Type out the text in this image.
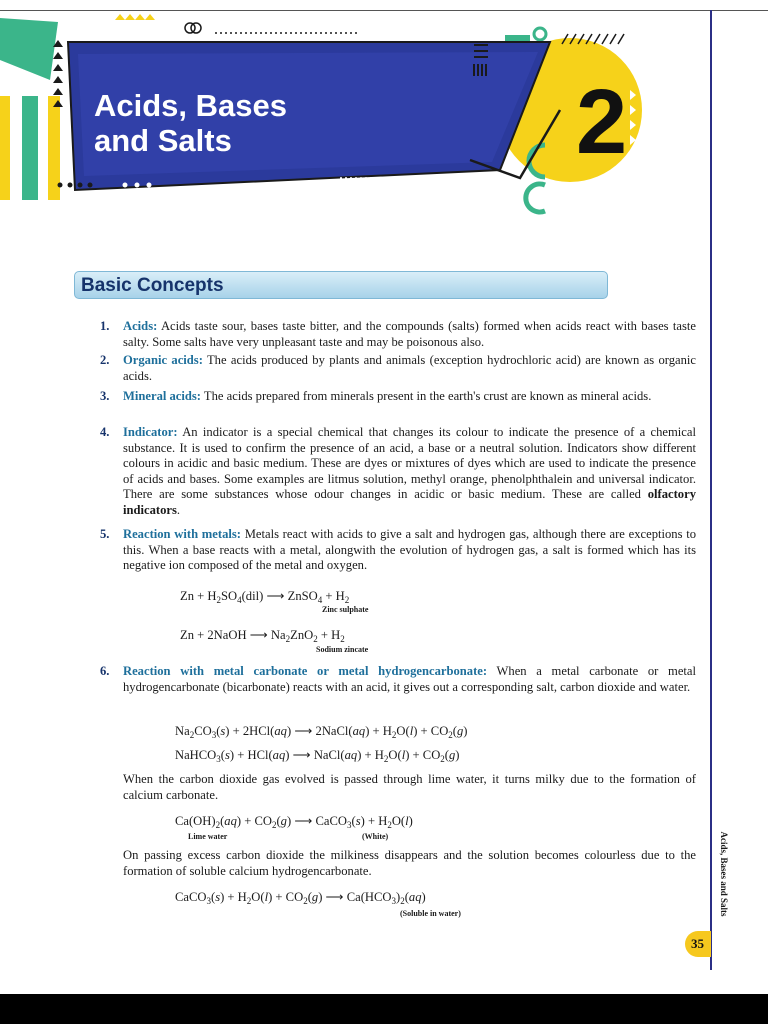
Acids, Bases
and Salts	2
Basic Concepts
1. Acids: Acids taste sour, bases taste bitter, and the compounds (salts) formed when acids react with bases taste salty. Some salts have very unpleasant taste and may be poisonous also.
2. Organic acids: The acids produced by plants and animals (exception hydrochloric acid) are known as organic acids.
3. Mineral acids: The acids prepared from minerals present in the earth's crust are known as mineral acids.
4. Indicator: An indicator is a special chemical that changes its colour to indicate the presence of a chemical substance. It is used to confirm the presence of an acid, a base or a neutral solution. Indicators show different colours in acidic and basic medium. These are dyes or mixtures of dyes which are used to indicate the presence of acids and bases. Some examples are litmus solution, methyl orange, phenolphthalein and universal indicator. There are some substances whose odour changes in acidic or basic medium. These are called olfactory indicators.
5. Reaction with metals: Metals react with acids to give a salt and hydrogen gas, although there are exceptions to this. When a base reacts with a metal, alongwith the evolution of hydrogen gas, a salt is formed which has its negative ion composed of the metal and oxygen.
$Zn + H_2SO_4(dil)$ ⟶ ZnSO$_4$ + $H_2$
Zinc sulphate
Zn + 2NaOH ⟶ $Na_2ZnO_2 + H_2$
Sodium zincate
6. Reaction with metal carbonate or metal hydrogencarbonate: When a metal carbonate or metal hydrogencarbonate (bicarbonate) reacts with an acid, it gives out a corresponding salt, carbon dioxide and water.
$Na_2CO_3(s) + 2HCl(aq)$ ⟶ 2NaCl(aq) + $H_2O(l) + CO_2(g)$
NaHCO$_3$(s) + HCl(aq) ⟶ NaCl(aq) + $H_2O(l) + CO_2(g)$
When the carbon dioxide gas evolved is passed through lime water, it turns milky due to the formation of calcium carbonate.
$Ca(OH)_2(aq) + CO_2(g)$ ⟶ CaCO$_3$(s) + $H_2O(l)$
Lime water	(White)
On passing excess carbon dioxide the milkiness disappears and the solution becomes colourless due to the formation of soluble calcium hydrogencarbonate.
CaCO$_3$(s) + $H_2O(l) + CO_2(g)$ ⟶ $Ca(HCO_3)_2(aq)$
(Soluble in water)	Acids, Bases and Salts
35
